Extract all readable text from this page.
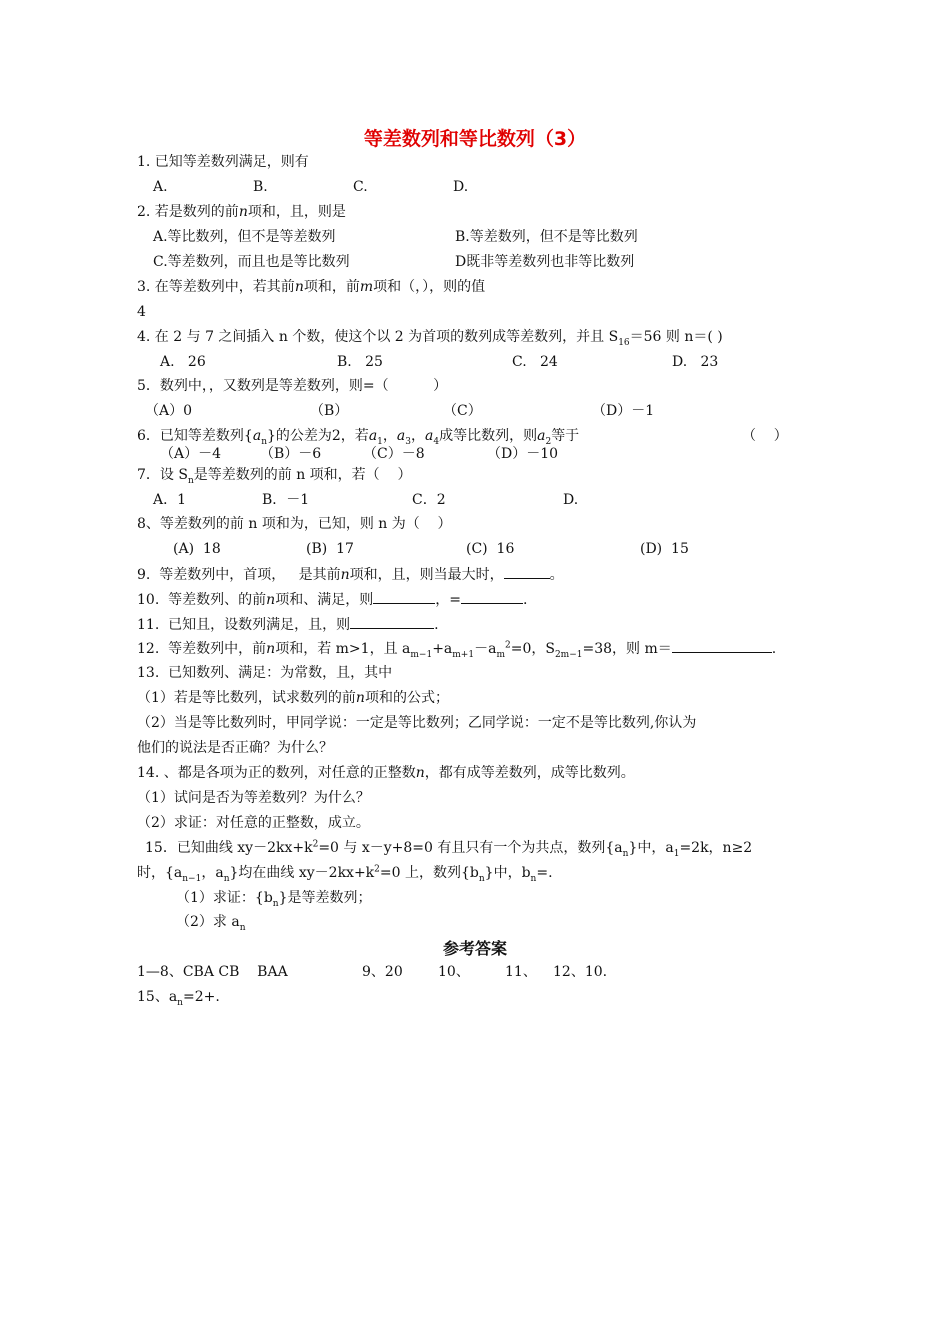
等差数列和等比数列（3）
1. 已知等差数列满足，则有
A.	B.	C.	D.
2. 若是数列的前n项和，且，则是
A.等比数列，但不是等差数列	B.等差数列，但不是等比数列
C.等差数列，而且也是等比数列	D既非等差数列也非等比数列
3. 在等差数列中，若其前n项和，前m项和（，），则的值
4
4. 在 2 与 7 之间插入 n 个数，使这个以 2 为首项的数列成等差数列，并且 $S_{16}=56$ 则 n＝( )
A.   26	B.   25	C.   24	D.   23
5．数列中，，又数列是等差数列，则=（          ）
（A）0	（B）	（C）	（D）－1
6．已知等差数列$\{a_n\}$的公差为2，若$a_1$，$a_3$，$a_4$成等比数列，则$a_2$等于	（    ）
（A）－4	（B）－6	（C）－8	（D）－10
7．设 $S_n$是等差数列的前 n 项和，若（    ）
A．1	B．－1	C．2	D.
8、等差数列的前 n 项和为，已知，则 n 为（    ）
(A)  18	(B)  17	(C)  16	(D)  15
9.  等差数列中，首项，   是其前n项和，且，则当最大时，	。
10.  等差数列、的前n项和、满足，则	，=	.
11.  已知且，设数列满足，且，则	.
12.  等差数列中，前n项和，若 m>1，且 $a_{m-1}+a_{m+1}-a_m^2=0$，$S_{2m-1}=38$，则 m＝	.
13.  已知数列、满足：为常数，且，其中
（1）若是等比数列，试求数列的前n项和的公式；
（2）当是等比数列时，甲同学说：一定是等比数列；乙同学说：一定不是等比数列,你认为
他们的说法是否正确？为什么？
14. 、都是各项为正的数列，对任意的正整数n，都有成等差数列，成等比数列。
（1）试问是否为等差数列？为什么？
（2）求证：对任意的正整数，成立。
15．已知曲线 $xy-2kx+k^2=0$ 与 x－y+8=0 有且只有一个为共点，数列$\{a_n\}$中，$a_1=2k$，n≥2
时，{$a_{n-1}$，$a_n$}均在曲线 $xy-2kx+k^2=0$ 上，数列$\{b_n\}$中，$b_n=$.
（1）求证：$\{b_n\}$是等差数列；
（2）求 $a_n$
参考答案
1—8、CBA CB    BAA	9、20	10、	11、 12、10.
15、$a_n=2+$.
